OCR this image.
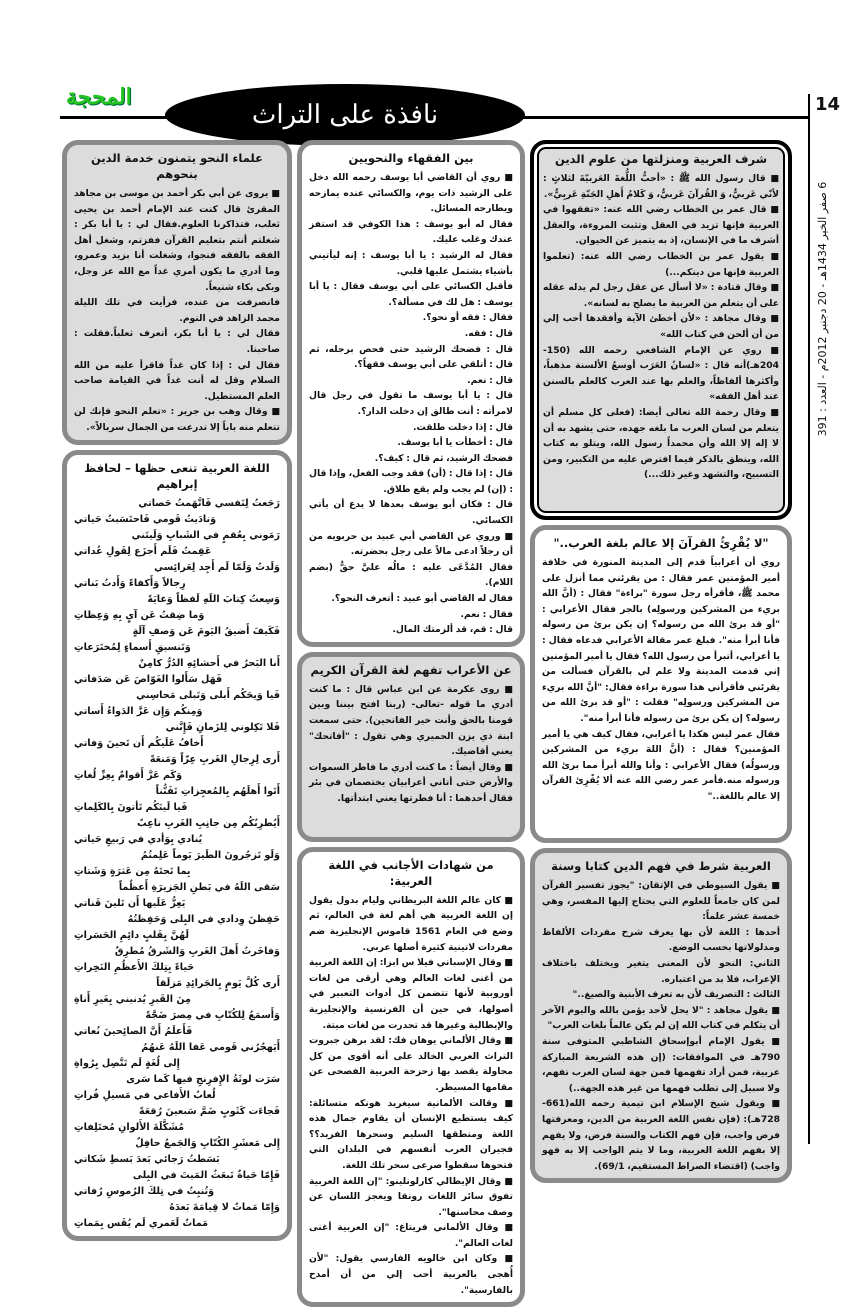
المحجة
نافذة على التراث	14
6 صفر الخير 1434هـ - 20 دجنبر 2012م - العدد : 391
شرف العربية ومنزلتها من علوم الدين

■ قال رسول الله ﷺ : «أحبُّ اللُّغةَ العَربيّةَ لثلاثٍ : لأنّي عَربيٌّ، وَ القُرآنَ عَربيٌّ، وَ كَلامُ أَهلِ الجَنّةِ عَربِيٌّ».

■ قال عمر بن الخطاب رضي الله عنه: «تفقهوا في العربية فإنها تزيد في العقل وتثبت المروءة، والعقل أشرف ما في الإنسان، إذ به يتميز عن الحيوان.

■ يقول عمر بن الخطاب رضي الله عنه: (تعلموا العربية فإنها من دينكم...)

■ وقال قتادة : «لا أسأل عن عقل رجل لم يدله عقله على أن يتعلم من العربية ما يصلح به لسانه».

■ وقال مجاهد : «لأن أخطئ الآية وأفقدها أحب إلي من أن ألحن في كتاب الله»

■ روي عن الإمام الشافعي رحمه الله (150-204هـ)أنه قال : «لسانُ العَرَب أوسعُ الألسنة مذهباً، وأكثرها ألفاظاً، والعلم بها عند العرب كالعلم بالسنن عند أهل الفقه»

■ وقال رحمة الله تعالى أيضا: (فعلى كل مسلم أن يتعلم من لسان العرب ما بلغه جهده، حتى يشهد به أن لا إله إلا الله وأن محمداً رسول الله، ويتلو به كتاب الله، وينطق بالذكر فيما افترض عليه من التكبير، ومن التسبيح، والتشهد وغير ذلك...)

"لا يُقْرِئُ القرآنَ إلا عالم بلغة العرب.."

روي أن أعرابياً قدم إلى المدينة المنورة في خلافة أمير المؤمنين عمر فقال : من يقرئني مما أنزل على محمد ﷺ، فأقرأه رجل سورة "براءة" فقال : (أنَّ الله بريء من المشركين ورسولِه) بالجر فقال الأعرابي : "أو قد برئ الله من رسوله؟ إن يكن برئ من رسوله فأنا أبرأ منه". فبلغ عمر مقالة الأعرابي فدعاه فقال : يا أعرابي، أتبرأ من رسول الله؟ فقال يا أمير المؤمنين إني قدمت المدينة ولا علم لي بالقرآن فسألت من يقرئني فأقرأني هذا سورة براءة فقال: "أنَّ الله بريء من المشركين ورسولِه" فقلت : "أو قد برئ الله من رسوله؟ إن يكن برئ من رسوله فأنا أبرأ منه".

فقال عمر ليس هكذا يا أعرابي، فقال كيف هي يا أمير المؤمنين؟ فقال : (أنَّ اللهَ بريء من المشركين ورسولُه) فقال الأعرابي : وأنا والله أبرأ مما برئ الله ورسوله منه.فأمر عمر رضي الله عنه ألا يُقْرِئ القرآن إلا عالم باللغة.."

العربية شرط في فهم الدين كتابا وسنة

■ يقول السيوطي في الإتقان: "يجوز تفسير القرآن لمن كان جامعاً للعلوم التي يحتاج إليها المفسر، وهي خمسة عشر علماً:

أحدها : اللغة لأن بها يعرف شرح مفردات الألفاظ ومدلولاتها بحسب الوضع.

الثاني: النحو لأن المعنى يتغير ويختلف باختلاف الإعراب، فلا بد من اعتباره.

الثالث : التصريف لأن به تعرف الأبنية والصيغ.."

■ يقول مجاهد : "لا يحل لأحد يؤمن بالله واليوم الآخر أن يتكلم في كتاب الله إن لم يكن عالماً بلغات العرب"

■ يقول الإمام أبوإسحاق الشاطبي المتوفى سنة 790هـ في الموافقات: (إن هذه الشريعة المباركة عربية، فمن أراد تفهمها فمن جهة لسان العرب تفهم، ولا سبيل إلى تطلب فهمها من غير هذه الجهة..)

■ ويقول شيخ الإسلام ابن تيمية رحمه الله(661-728هـ): (فإن نفس اللغة العربية من الدين، ومعرفتها فرض واجب، فإن فهم الكتاب والسنة فرض، ولا يفهم إلا بفهم اللغة العربية، وما لا يتم الواجب إلا به فهو واجب) (اقتضاء الصراط المستقيم، 69/1).

بين الفقهاء والنحويين

■ روي أن القاضي أبا يوسف رحمه الله دخل على الرشيد ذات يوم، والكسائي عنده يمازحه ويطارحه المسائل.

فقال له أبو يوسف : هذا الكوفي قد استفز عندك وغلب عليك.

فقال له الرشيد : يا أبا يوسف : إنه ليأتيني بأشياء يشتمل عليها قلبي.

فأقبل الكسائي على أبي يوسف فقال : يا أبا يوسف : هل لك في مسألة؟.

فقال : فقه أو نحو؟.

قال : فقه.

قال : فضحك الرشيد حتى فحص برجله، ثم قال : أتلقي على أبي يوسف فقهاً؟.

قال : نعم.

قال : يا أبا يوسف ما تقول في رجل قال لامرأته : أنت طالق إن دخلت الدار؟.

قال : إذا دخلت طلقت.

قال : أخطأت يا أبا يوسف.

فضحك الرشيد، ثم قال : كيف؟.

قال : إذا قال : (أن) فقد وجب الفعل، وإذا قال : (إن) لم يجب ولم يقع طلاق.

قال : فكان أبو يوسف بعدها لا يدع أن يأتي الكسائي.

■ وروي عن القاضي أبي عبيد بن حربويه من أن رجلاً ادعى مالاً على رجل بحضرته.

فقال المُدَّعَى عليه : مالُه عليَّ حقٌّ (بضم اللام).

فقال له القاضي أبو عبيد : أتعرف النحو؟.

فقال : نعم.

قال : قم، قد ألزمتك المال.

عن الأعراب تفهم لغة القرآن الكريم

■ روى عكرمة عن ابن عباس قال : ما كنت أدري ما قوله -تعالى- (ربنا افتح بيننا وبين قومنا بالحق وأنت خير الفاتحين). حتى سمعت ابنة ذي يزن الحميري وهي تقول : "أفاتحك" يعني أقاضيك.

■ وقال أيضاً : ما كنت أدري ما فاطر السموات والأرض حتى أتاني أعرابيان يختصمان في بئر فقال أحدهما : أنا فطرتها يعني ابتدأتها.

من شهادات الأجانب في اللغة العربية:

■ كان عالم اللغة البريطاني وليام بدول يقول إن اللغة العربية هي أهم لغة في العالم، ثم وضع في العام 1561 قاموس الإنجليزية ضم مفردات لاتينية كثيرة أصلها عربي.

■ وقال الإسباني فيلا س ابزا: إن اللغة العربية من أغنى لغات العالم وهي أرقى من لغات أوروبية لأنها تتضمن كل أدوات التعبير في أصولها، في حين أن الفرنسية والإنجليزية والإيطالية وغيرها قد تحدرت من لغات ميتة.

■ وقال الألماني يوهان فك: لقد برهن جبروت التراث العربي الخالد على أنه أقوى من كل محاولة يقصد بها زحزحة العربية الفصحى عن مقامها المسيطر.

■ وقالت الألمانية سيغريد هونكه متسائلة: كيف يستطيع الإنسان أن يقاوم جمال هذه اللغة ومنطقها السليم وسحرها الفريد؟؟ فجيران العرب أنفسهم في البلدان التي فتحوها سقطوا صرعى سحر تلك اللغة.

■ وقال الإيطالي كارلونلينو: "إن اللغة العربية تفوق سائر اللغات رونقا ويعجز اللسان عن وصف محاسنها".

■ وقال الألماني فريتاغ: "إن العربية أغنى لغات العالم".

■ وكان ابن خالويه الفارسي يقول: "لأن أُهجى بالعربية أحب إلي من أن أمدح بالفارسية".

علماء النحو يتمنون خدمة الدين بنحوهم

■ يروى عن أبي بكر أحمد بن موسى بن مجاهد المقرئ قال كنت عند الإمام أحمد بن يحيى ثعلب، فتذاكرنا العلوم.فقال لي : يا أبا بكر : شغلتم أنتم بتعليم القرآن ففزتم، وشغل أهل الفقه بالفقه فنجوا، وشغلت أنا بزيد وعمرو، وما أدري ما يكون أمري غداً مع الله عز وجل، وبكى بكاء شنيعاً.

فانصرفت من عنده، فرأيت في تلك الليلة محمد الزاهد في النوم.

فقال لي : يا أبا بكر، أتعرف ثعلباً.فقلت : صاحبنا.

فقال لي : إذا كان غداً فاقرأ عليه من الله السلام وقل له أنت غداً في القيامة صاحب العلم المستطيل.

■ وقال وهب بن جرير : «تعلم النحو فإنك لن تتعلم منه باباً إلا تدرعت من الجمال سربالاً».

اللغة العربية تنعى حظها – لحافظ إبراهيم
رَجَعتُ لِنَفسي فَاتَّهَمتُ حَصاتي
وَنادَيتُ قَومي فَاحتَسَبتُ حَياتي
رَمَوني بِعُقمٍ في الشَبابِ وَلَيتَني
عَقِمتُ فَلَم أَجزَع لِقَولِ عُداتي
وَلَدتُ وَلَمّا لَم أَجِد لِعَرائِسي
رِجالاً وَأَكفاءً وَأَدتُ بَناتي
وَسِعتُ كِتابَ اللَهِ لَفظاً وَغايَةً
وَما ضِقتُ عَن آيٍ بِهِ وَعِظاتِ
فَكَيفَ أَضيقُ اليَومَ عَن وَصفِ آلَةٍ
وَتَنسيقِ أَسماءٍ لِمُختَرَعاتِ
أَنا البَحرُ في أَحشائِهِ الدُرُّ كامِنٌ
فَهَل سَأَلوا الغَوّاصَ عَن صَدَفاتي
فَيا وَيحَكُم أَبلى وَتَبلى مَحاسِني
وَمِنكُم وَإِن عَزَّ الدَواءُ أَساتي
فَلا تَكِلوني لِلزَمانِ فَإِنَّني
أَخافُ عَلَيكُم أَن تَحينَ وَفاتي
أَرى لِرِجالِ الغَربِ عِزّاً وَمَنعَةً
وَكَم عَزَّ أَقوامٌ بِعِزِّ لُغاتِ
أَتَوا أَهلَهُم بِالمُعجِزاتِ تَفَنُّناً
فَيا لَيتَكُم تَأتونَ بِالكَلِماتِ
أَيُطرِبُكُم مِن جانِبِ الغَربِ ناعِبٌ
يُنادي بِوَأدي في رَبيعِ حَياتي
وَلَو تَزجُرونَ الطَيرَ يَوماً عَلِمتُمُ
بِما تَحتَهُ مِن عَثرَةٍ وَشَتاتِ
سَقى اللَهُ في بَطنِ الجَزيرَةِ أَعظُماً
يَعِزُّ عَلَيها أَن تَلينَ قَناتي
حَفِظنَ وِدادي في البِلى وَحَفِظتُهُ
لَهُنَّ بِقَلبٍ دائِمِ الحَسَراتِ
وَفاخَرتُ أَهلَ الغَربِ وَالشَرقُ مُطرِقٌ
حَياءً بِتِلكَ الأَعظُمِ النَخِراتِ
أَرى كُلَّ يَومٍ بِالجَرائِدِ مَزلَقاً
مِنَ القَبرِ يُدنيني بِغَيرِ أَناةِ
وَأَسمَعُ لِلكُتّابِ في مِصرَ ضَجَّةً
فَأَعلَمُ أَنَّ الصائِحينَ نُعاتي
أَيَهجُرُني قَومي عَفا اللَهُ عَنهُمُ
إِلى لُغَةٍ لَم تَتَّصِل بِرُواةِ
سَرَت لوثَةُ الإِفرِنجِ فيها كَما سَرى
لُعابُ الأَفاعي في مَسيلِ فُراتِ
فَجاءَت كَثَوبٍ ضَمَّ سَبعينَ رُقعَةً
مُشَكَّلَةَ الأَلوانِ مُختَلِفاتِ
إِلى مَعشَرِ الكُتّابِ وَالجَمعُ حافِلٌ
بَسَطتُ رَجائي بَعدَ بَسطِ شَكاتي
فَإِمّا حَياةٌ تَبعَثُ المَيتَ في البِلى
وَتُنبِتُ في تِلكَ الرُموسِ رُفاتي
وَإِمّا مَماتٌ لا قِيامَةَ بَعدَهُ
مَماتٌ لَعَمري لَم يُقَس بِمَماتِ
